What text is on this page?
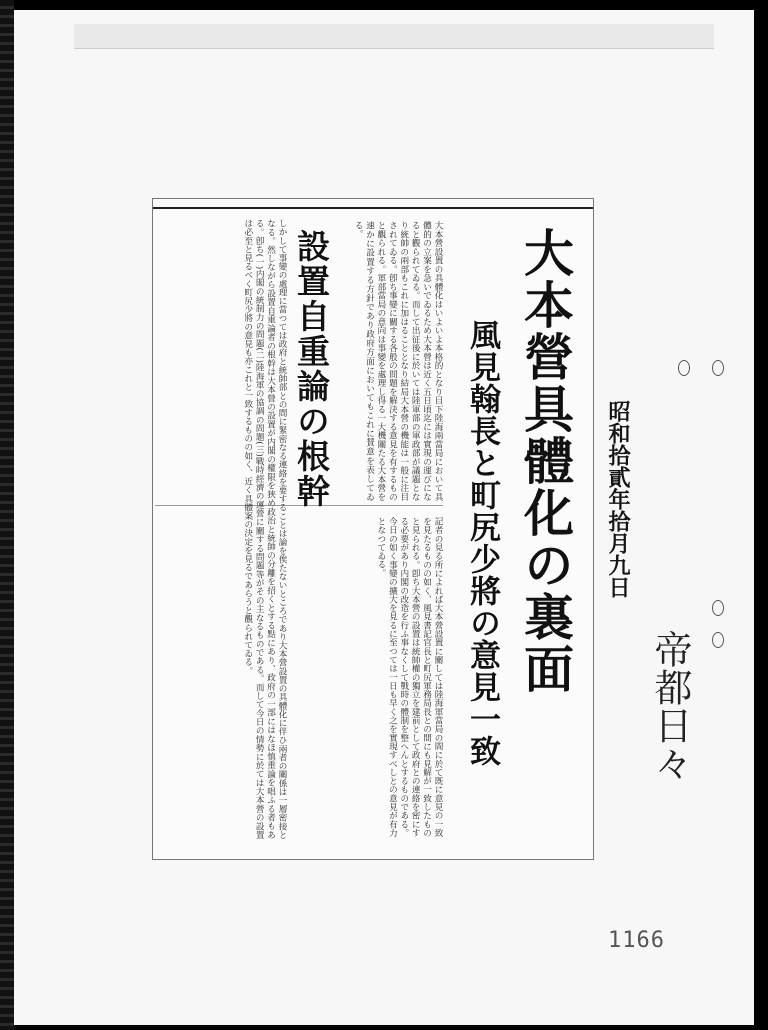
大本營具體化の裏面
風見翰長と町尻少將の意見一致
大本營設置の具體化はいよいよ本格的となり目下陸海兩當局において具體的の立案を急いでゐるため大本營は近く五日頃迄には實現の運びになると觀られてゐる。而して出征後に於いては陸軍部の軍政部が議題となり統帥の兩部もこれに加はることとなり結局大本營の機能は一般に注目されてゐる。卽ち事變に關する各般の問題を解決する意見を有するものと觀られる。軍部當局の意向は事變を處理し得る一大機關たる大本營を速かに設置する方針であり政府方面においてもこれに賛意を表してゐる。
記者の見る所によれば大本營設置に關しては陸海軍當局の間に於て既に意見の一致を見たるものの如く、風見書記官長と町尻軍務局長との間にも見解が一致したものと見られる。卽ち大本營の設置は統帥權の獨立を建前として政府との連絡を密にする必要があり内閣の改造を行ふ事なくして戰時の體制を整へんとするものである。今日の如く事變の擴大を見るに至つては一日も早く之を實現すべしとの意見が有力となつてゐる。
設置自重論の根幹
しかして事變の處理に當つては政府と統帥部との間に緊密なる連絡を要することは論を俟たないところであり大本營設置の具體化に伴ひ兩者の關係は一層密接となる。然しながら設置自重論者の根幹は大本營の設置が内閣の權限を狹め政治と統帥の分離を招くとする點にあり、政府の一部にはなほ慎重論を唱ふる者もある。卽ち(一)内閣の統制力の問題(二)陸海軍の協調の問題(三)戰時經濟の運營に關する問題等がその主なるものである。而して今日の情勢に於ては大本營の設置は必至と見るべく町尻少將の意見も亦これと一致するものの如く、近く具體案の決定を見るであらうと觀られてゐる。	昭和拾貳年拾月九日
帝都日々
1166
